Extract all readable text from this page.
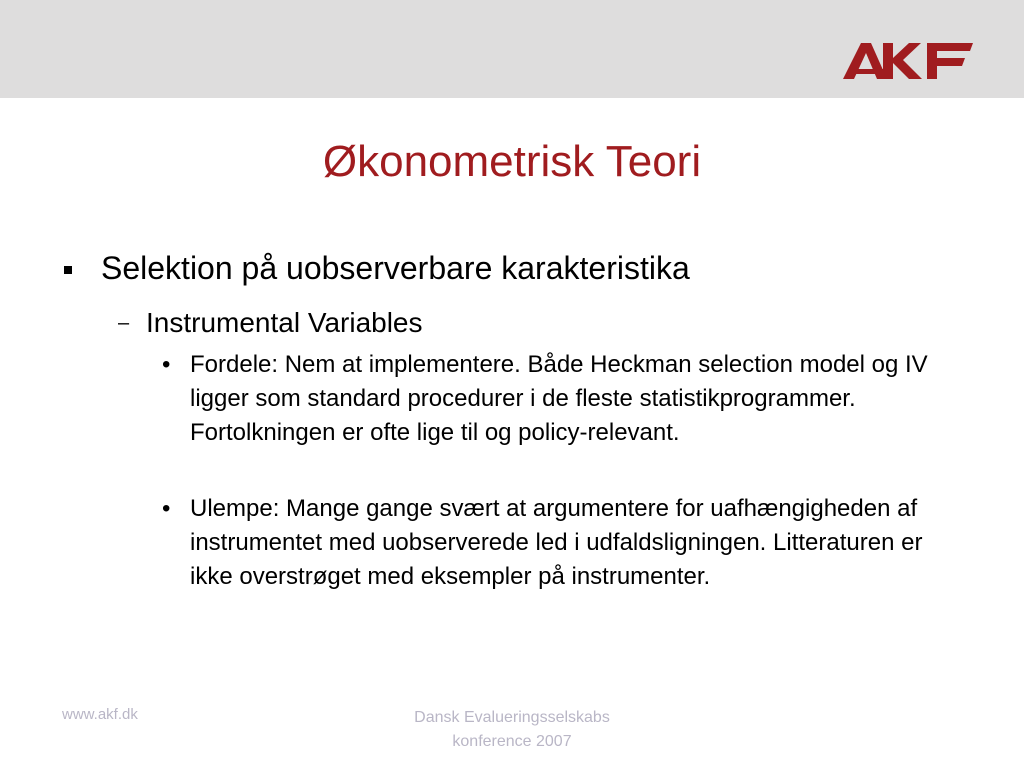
Økonometrisk Teori
Selektion på uobserverbare karakteristika
– Instrumental Variables
• Fordele: Nem at implementere. Både Heckman selection model og IV ligger som standard procedurer i de fleste statistikprogrammer. Fortolkningen er ofte lige til og policy-relevant.
• Ulempe: Mange gange svært at argumentere for uafhængigheden af instrumentet med uobserverede led i udfaldsligningen. Litteraturen er ikke overstrøget med eksempler på instrumenter.
www.akf.dk	Dansk Evalueringsselskabs
konference 2007
